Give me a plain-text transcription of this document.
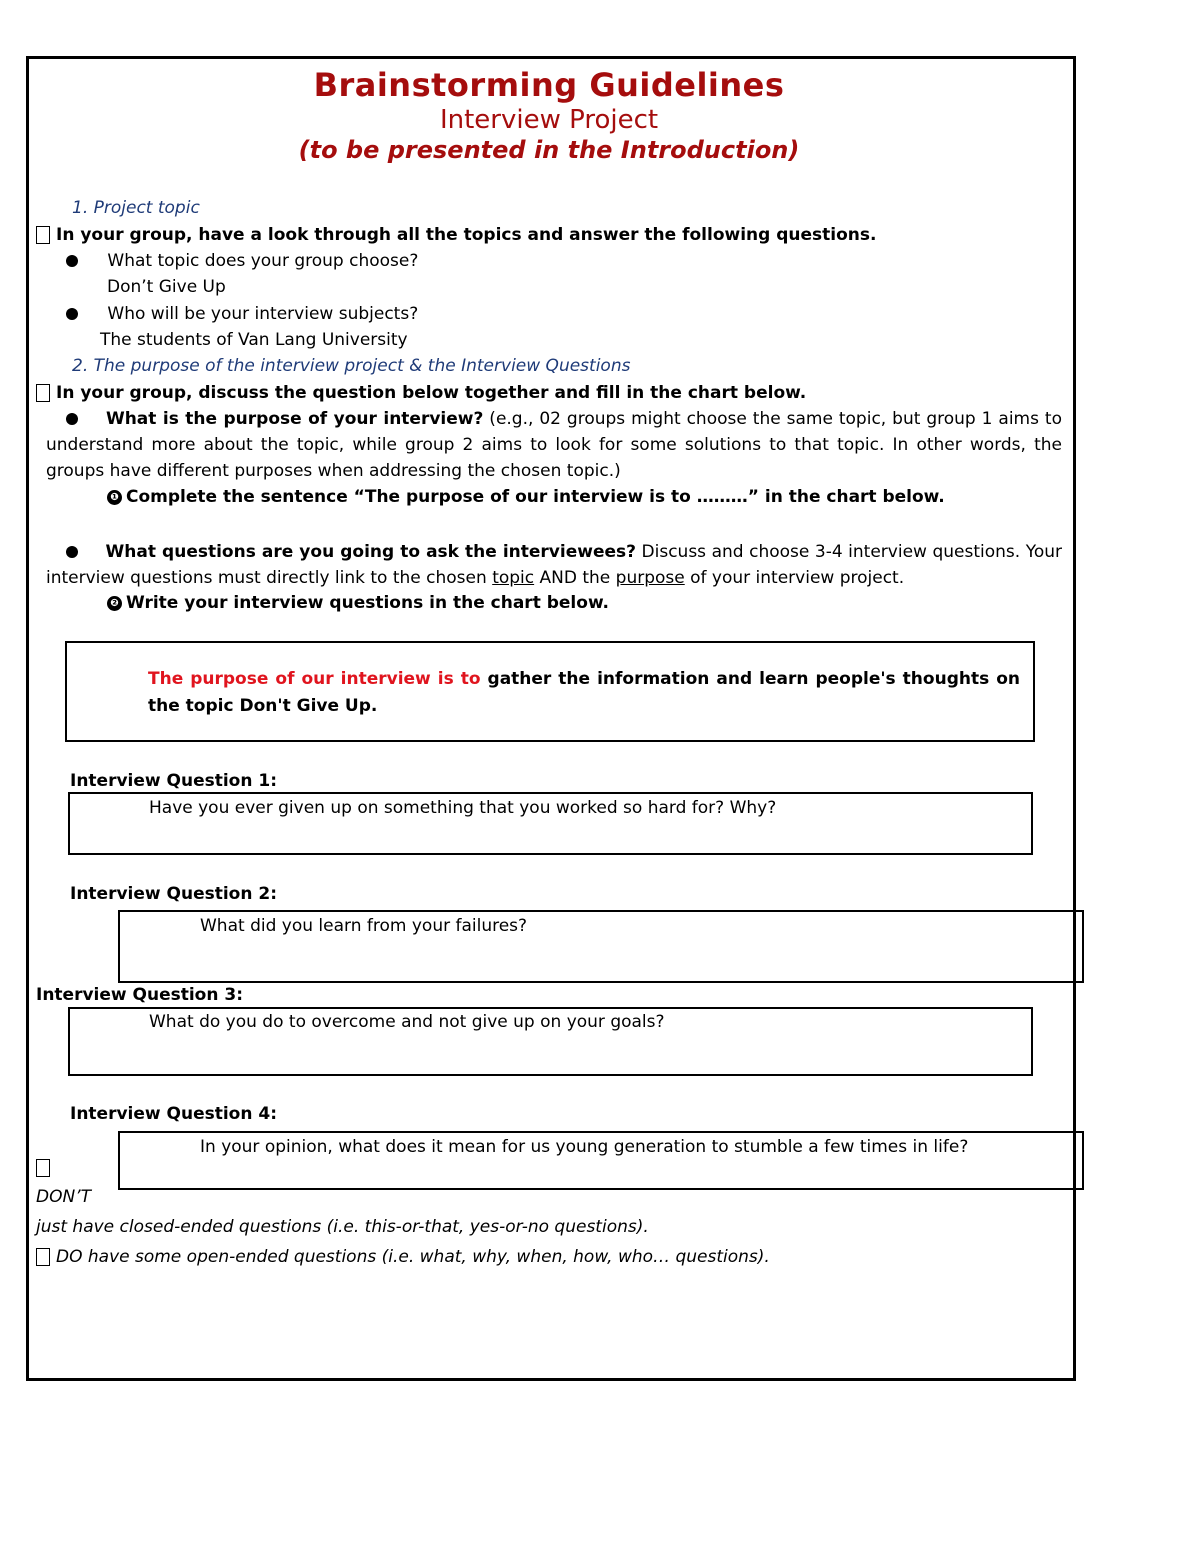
Brainstorming Guidelines
Interview Project
(to be presented in the Introduction)
1. Project topic
In your group, have a look through all the topics and answer the following questions.
What topic does your group choose?
Don’t Give Up
Who will be your interview subjects?
The students of Van Lang University
2. The purpose of the interview project & the Interview Questions
In your group, discuss the question below together and fill in the chart below.
What is the purpose of your interview? (e.g., 02 groups might choose the same topic, but group 1 aims to understand more about the topic, while group 2 aims to look for some solutions to that topic. In other words, the groups have different purposes when addressing the chosen topic.)
❶ Complete the sentence “The purpose of our interview is to ………” in the chart below.
What questions are you going to ask the interviewees? Discuss and choose 3-4 interview questions. Your interview questions must directly link to the chosen topic AND the purpose of your interview project.
❷ Write your interview questions in the chart below.
The purpose of our interview is to gather the information and learn people's thoughts on the topic Don't Give Up.
Interview Question 1:
Have you ever given up on something that you worked so hard for? Why?
Interview Question 2:
What did you learn from your failures?
Interview Question 3:
What do you do to overcome and not give up on your goals?
Interview Question 4:
In your opinion, what does it mean for us young generation to stumble a few times in life?
DON’T
just have closed-ended questions (i.e. this-or-that, yes-or-no questions).
DO have some open-ended questions (i.e. what, why, when, how, who… questions).
